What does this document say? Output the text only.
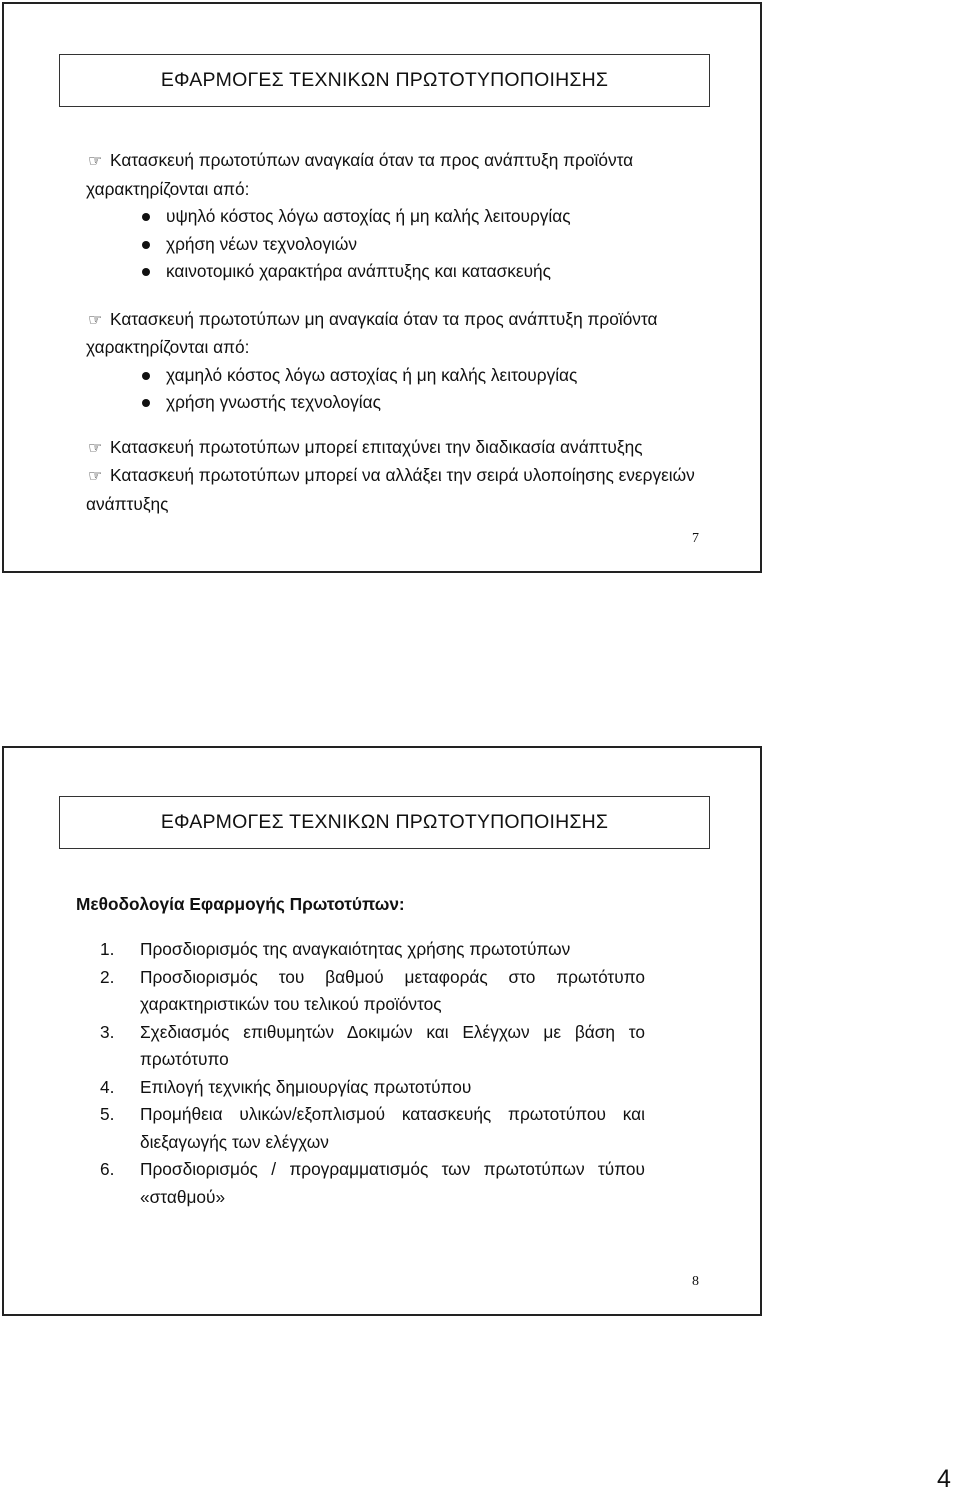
ΕΦΑΡΜΟΓΕΣ ΤΕΧΝΙΚΩΝ ΠΡΩΤΟΤΥΠΟΠΟΙΗΣΗΣ

☞ Κατασκευή πρωτοτύπων αναγκαία όταν τα προς ανάπτυξη προϊόντα χαρακτηρίζονται από:

υψηλό κόστος λόγω αστοχίας ή μη καλής λειτουργίας
χρήση νέων τεχνολογιών
καινοτομικό χαρακτήρα ανάπτυξης και κατασκευής

☞ Κατασκευή πρωτοτύπων μη αναγκαία όταν τα προς ανάπτυξη προϊόντα χαρακτηρίζονται από:

χαμηλό κόστος λόγω αστοχίας ή μη καλής λειτουργίας
χρήση γνωστής τεχνολογίας

☞ Κατασκευή πρωτοτύπων μπορεί επιταχύνει την διαδικασία ανάπτυξης

☞ Κατασκευή πρωτοτύπων μπορεί να αλλάξει την σειρά υλοποίησης ενεργειών ανάπτυξης

7
ΕΦΑΡΜΟΓΕΣ ΤΕΧΝΙΚΩΝ ΠΡΩΤΟΤΥΠΟΠΟΙΗΣΗΣ
Μεθοδολογία Εφαρμογής Πρωτοτύπων:
1. Προσδιορισμός της αναγκαιότητας χρήσης πρωτοτύπων
2. Προσδιορισμός του βαθμού μεταφοράς στο πρωτότυπο χαρακτηριστικών του τελικού προϊόντος
3. Σχεδιασμός επιθυμητών Δοκιμών και Ελέγχων με βάση το πρωτότυπο
4. Επιλογή τεχνικής δημιουργίας πρωτοτύπου
5. Προμήθεια υλικών/εξοπλισμού κατασκευής πρωτοτύπου και διεξαγωγής των ελέγχων
6. Προσδιορισμός / προγραμματισμός των πρωτοτύπων τύπου «σταθμού»
8
4
